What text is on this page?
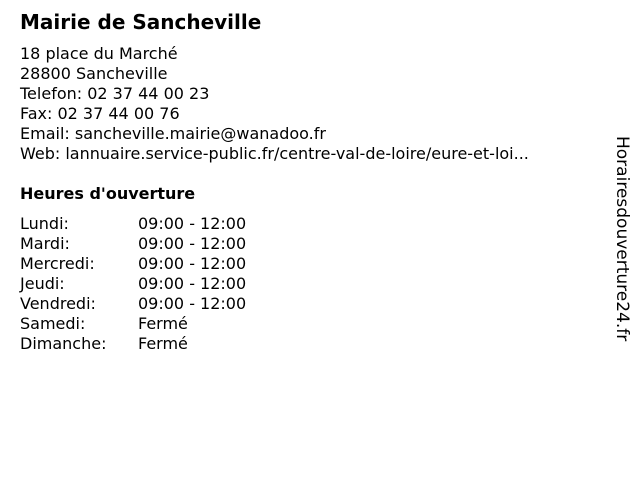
Mairie de Sancheville
18 place du Marché
28800 Sancheville
Telefon: 02 37 44 00 23
Fax: 02 37 44 00 76
Email: sancheville.mairie@wanadoo.fr
Web: lannuaire.service-public.fr/centre-val-de-loire/eure-et-loi...
Heures d'ouverture
Lundi:	09:00 - 12:00
Mardi:	09:00 - 12:00
Mercredi:	09:00 - 12:00
Jeudi:	09:00 - 12:00
Vendredi:	09:00 - 12:00
Samedi:	Fermé
Dimanche: Fermé
Horairesdouverture24.fr
